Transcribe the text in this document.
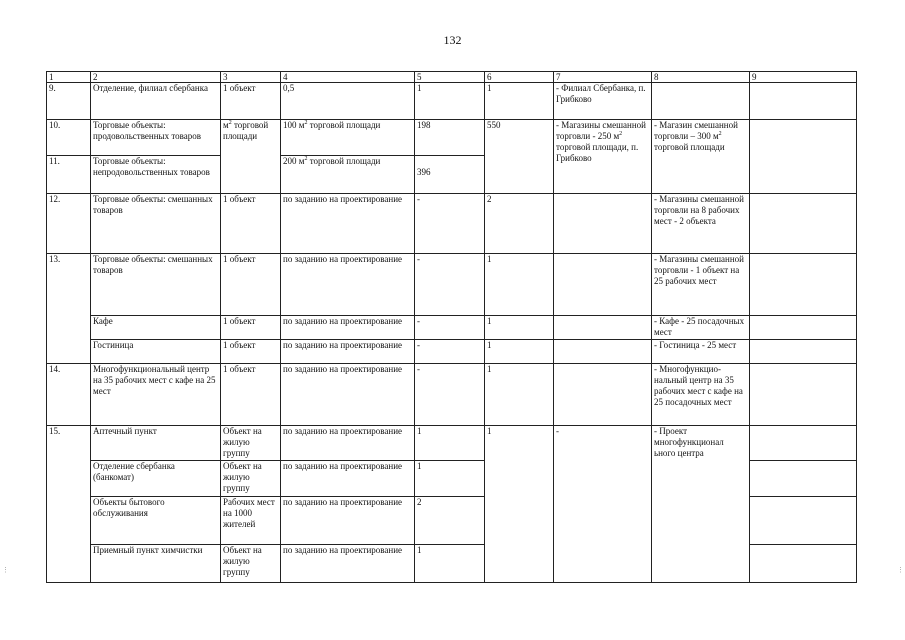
132
1	2	3	4	5	6	7	8	9
9.	Отделение, филиал сбербанка	1 объект	0,5	1	1	- Филиал Сбербанка, п. Грибково		
10.	Торговые объекты: продовольственных товаров	$м^2$ торговой площади	100 $м^2$ торговой площади	198	550	- Магазины смешанной торговли - 250 $м^2$ торговой площади, п. Грибково	- Магазин смешанной торговли – 300 $м^2$ торговой площади	
11.	Торговые объекты: непродовольственных товаров		200 $м^2$ торговой площади	396				
12.	Торговые объекты: смешанных товаров	1 объект	по заданию на проектирование	-	2		- Магазины смешанной торговли на 8 рабочих мест - 2 объекта	
13.	Торговые объекты: смешанных товаров	1 объект	по заданию на проектирование	-	1		- Магазины смешанной торговли - 1 объект на 25 рабочих мест	
	Кафе	1 объект	по заданию на проектирование	-	1		- Кафе - 25 посадочных мест	
	Гостиница	1 объект	по заданию на проектирование	-	1		- Гостиница - 25 мест	
14.	Многофункциональный центр на 35 рабочих мест с кафе на 25 мест	1 объект	по заданию на проектирование	-	1		- Многофункцио-нальный центр на 35 рабочих мест с кафе на 25 посадочных мест	
15.	Аптечный пункт	Объект на жилую группу	по заданию на проектирование	1	1	-	- Проект многофункционал ьного центра	
	Отделение сбербанка (банкомат)	Объект на жилую группу	по заданию на проектирование	1				
	Объекты бытового обслуживания	Рабочих мест на 1000 жителей	по заданию на проектирование	2				
	Приемный пункт химчистки	Объект на жилую группу	по заданию на проектирование	1				
⋮	⋮
